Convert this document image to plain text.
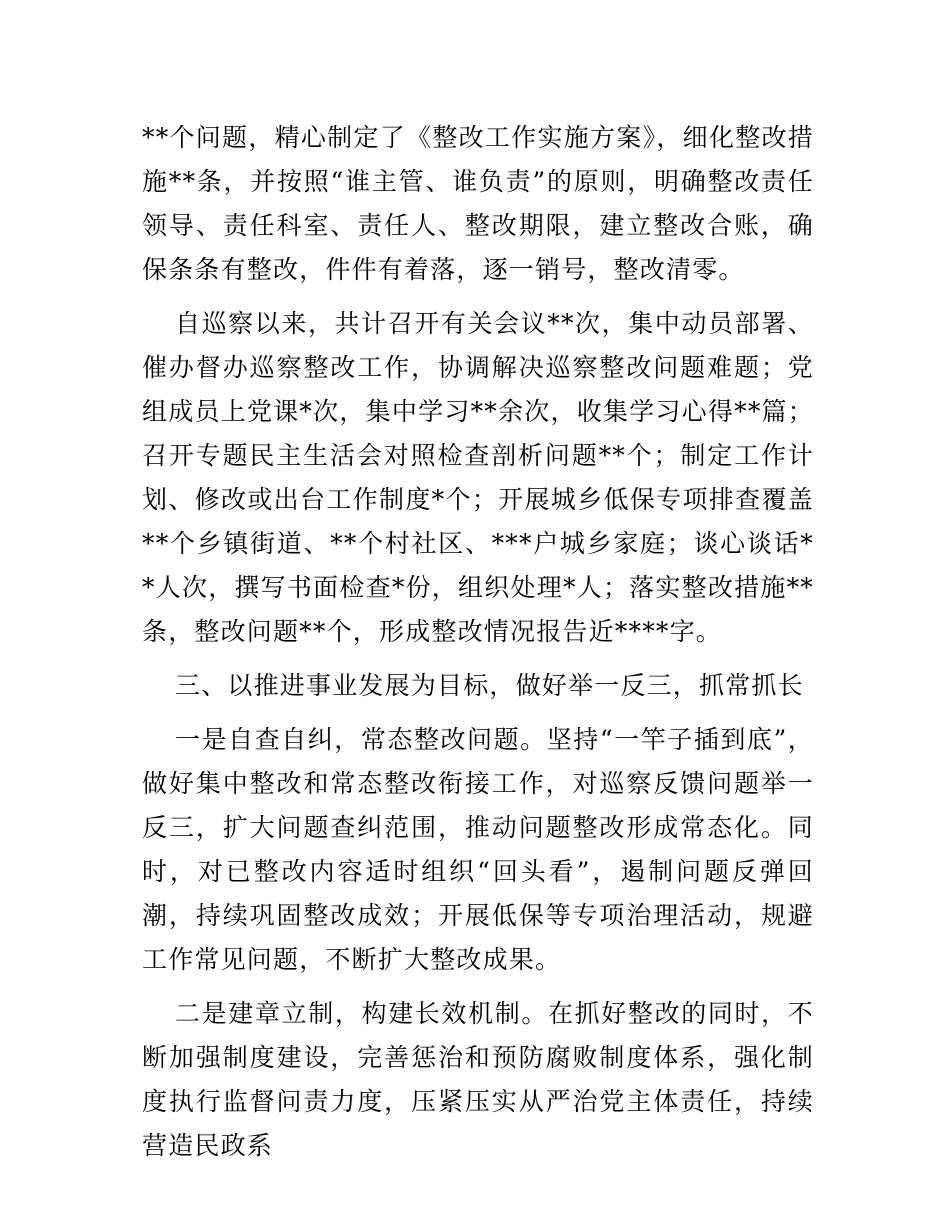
**个问题，精心制定了《整改工作实施方案》，细化整改措施**条，并按照“谁主管、谁负责”的原则，明确整改责任领导、责任科室、责任人、整改期限，建立整改合账，确保条条有整改，件件有着落，逐一销号，整改清零。

自巡察以来，共计召开有关会议**次，集中动员部署、催办督办巡察整改工作，协调解决巡察整改问题难题；党组成员上党课*次，集中学习**余次，收集学习心得**篇；召开专题民主生活会对照检查剖析问题**个；制定工作计划、修改或出台工作制度*个；开展城乡低保专项排查覆盖**个乡镇街道、**个村社区、***户城乡家庭；谈心谈话**人次，撰写书面检查*份，组织处理*人；落实整改措施**条，整改问题**个，形成整改情况报告近****字。

三、以推进事业发展为目标，做好举一反三，抓常抓长

一是自查自纠，常态整改问题。坚持“一竿子插到底”，做好集中整改和常态整改衔接工作，对巡察反馈问题举一反三，扩大问题查纠范围，推动问题整改形成常态化。同时，对已整改内容适时组织“回头看”，遏制问题反弹回潮，持续巩固整改成效；开展低保等专项治理活动，规避工作常见问题，不断扩大整改成果。

二是建章立制，构建长效机制。在抓好整改的同时，不断加强制度建设，完善惩治和预防腐败制度体系，强化制度执行监督问责力度，压紧压实从严治党主体责任，持续营造民政系
